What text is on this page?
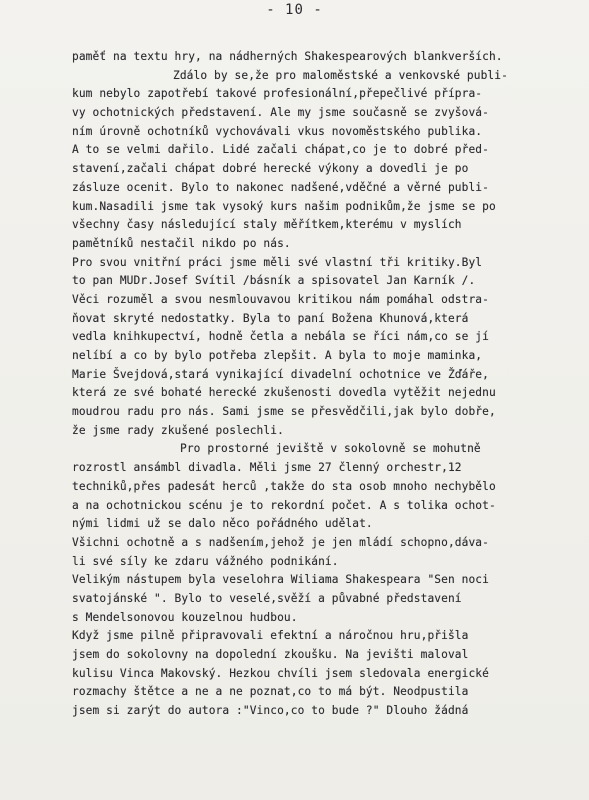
- 10 -
paměť na textu hry, na nádherných Shakespearových blankverších.
Zdálo by se,že pro maloměstské a venkovské publi-
kum nebylo zapotřebí takové profesionální,přepečlivé přípra-
vy ochotnických představení. Ale my jsme současně se zvyšová-
ním úrovně ochotníků vychovávali vkus novoměstského publika.
A to se velmi dařilo. Lidé začali chápat,co je to dobré před-
stavení,začali chápat dobré herecké výkony a dovedli je po
zásluze ocenit. Bylo to nakonec nadšené,vděčné a věrné publi-
kum.Nasadili jsme tak vysoký kurs našim podnikům,že jsme se po
všechny časy následující staly měřítkem,kterému v myslích
pamětníků nestačil nikdo po nás.
Pro svou vnitřní práci jsme měli své vlastní tři kritiky.Byl
to pan MUDr.Josef Svítil /básník a spisovatel Jan Karník /.
Věci rozuměl a svou nesmlouvavou kritikou nám pomáhal odstra-
ňovat skryté nedostatky. Byla to paní Božena Khunová,která
vedla knihkupectví, hodně četla a nebála se říci nám,co se jí
nelíbí a co by bylo potřeba zlepšit. A byla to moje maminka,
Marie Švejdová,stará vynikající divadelní ochotnice ve Žďáře,
která ze své bohaté herecké zkušenosti dovedla vytěžit nejednu
moudrou radu pro nás. Sami jsme se přesvědčili,jak bylo dobře,
že jsme rady zkušené poslechli.
Pro prostorné jeviště v sokolovně se mohutně
rozrostl ansámbl divadla. Měli jsme 27 členný orchestr,12
techniků,přes padesát herců ,takže do sta osob mnoho nechybělo
a na ochotnickou scénu je to rekordní počet. A s tolika ochot-
nými lidmi už se dalo něco pořádného udělat.
Všichni ochotně a s nadšením,jehož je jen mládí schopno,dáva-
li své síly ke zdaru vážného podnikání.
Velikým nástupem byla veselohra Wiliama Shakespeara "Sen noci
svatojánské ". Bylo to veselé,svěží a půvabné představení
s Mendelsonovou kouzelnou hudbou.
Když jsme pilně připravovali efektní a náročnou hru,přišla
jsem do sokolovny na dopolední zkoušku. Na jevišti maloval
kulisu Vinca Makovský. Hezkou chvíli jsem sledovala energické
rozmachy štětce a ne a ne poznat,co to má být. Neodpustila
jsem si zarýt do autora :"Vinco,co to bude ?" Dlouho žádná
